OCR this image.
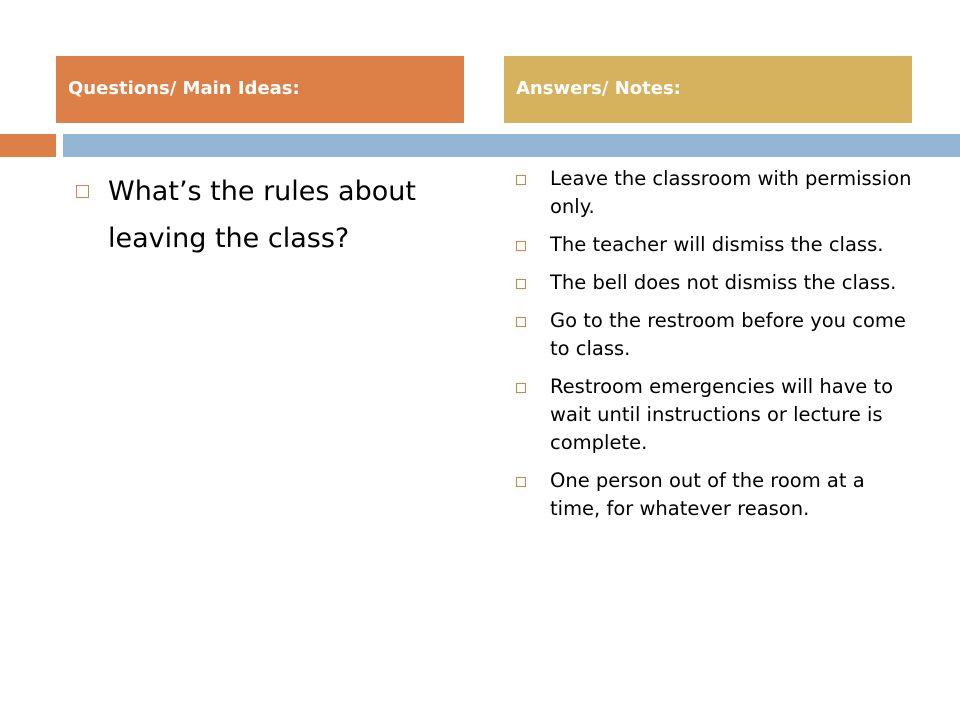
Questions/ Main Ideas:	Answers/ Notes:
What’s the rules about leaving the class?
Leave the classroom with permission only.
The teacher will dismiss the class.
The bell does not dismiss the class.
Go to the restroom before you come to class.
Restroom emergencies will have to wait until instructions or lecture is complete.
One person out of the room at a time, for whatever reason.
